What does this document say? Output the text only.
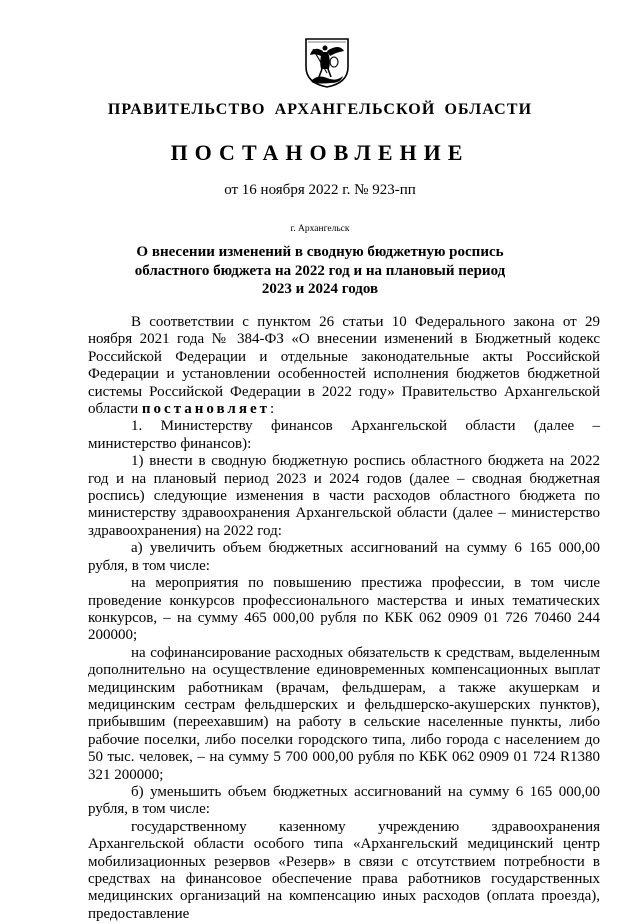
ПРАВИТЕЛЬСТВО АРХАНГЕЛЬСКОЙ ОБЛАСТИ
ПОСТАНОВЛЕНИЕ
от 16 ноября 2022 г. № 923-пп
г. Архангельск
О внесении изменений в сводную бюджетную роспись
областного бюджета на 2022 год и на плановый период
2023 и 2024 годов

В соответствии с пунктом 26 статьи 10 Федерального закона от 29 ноября 2021 года № 384-ФЗ «О внесении изменений в Бюджетный кодекс Российской Федерации и отдельные законодательные акты Российской Федерации и установлении особенностей исполнения бюджетов бюджетной системы Российской Федерации в 2022 году» Правительство Архангельской области постановляет:

1. Министерству финансов Архангельской области (далее – министерство финансов):

1) внести в сводную бюджетную роспись областного бюджета на 2022 год и на плановый период 2023 и 2024 годов (далее – сводная бюджетная роспись) следующие изменения в части расходов областного бюджета по министерству здравоохранения Архангельской области (далее – министерство здравоохранения) на 2022 год:

а) увеличить объем бюджетных ассигнований на сумму 6 165 000,00 рубля, в том числе:

на мероприятия по повышению престижа профессии, в том числе проведение конкурсов профессионального мастерства и иных тематических конкурсов, – на сумму 465 000,00 рубля по КБК 062 0909 01 726 70460 244 200000;

на софинансирование расходных обязательств к средствам, выделенным дополнительно на осуществление единовременных компенсационных выплат медицинским работникам (врачам, фельдшерам, а также акушеркам и медицинским сестрам фельдшерских и фельдшерско-акушерских пунктов), прибывшим (переехавшим) на работу в сельские населенные пункты, либо рабочие поселки, либо поселки городского типа, либо города с населением до 50 тыс. человек, – на сумму 5 700 000,00 рубля по КБК 062 0909 01 724 R1380 321 200000;

б) уменьшить объем бюджетных ассигнований на сумму 6 165 000,00 рубля, в том числе:

государственному казенному учреждению здравоохранения Архангельской области особого типа «Архангельский медицинский центр мобилизационных резервов «Резерв» в связи с отсутствием потребности в средствах на финансовое обеспечение права работников государственных медицинских организаций на компенсацию иных расходов (оплата проезда), предоставление
